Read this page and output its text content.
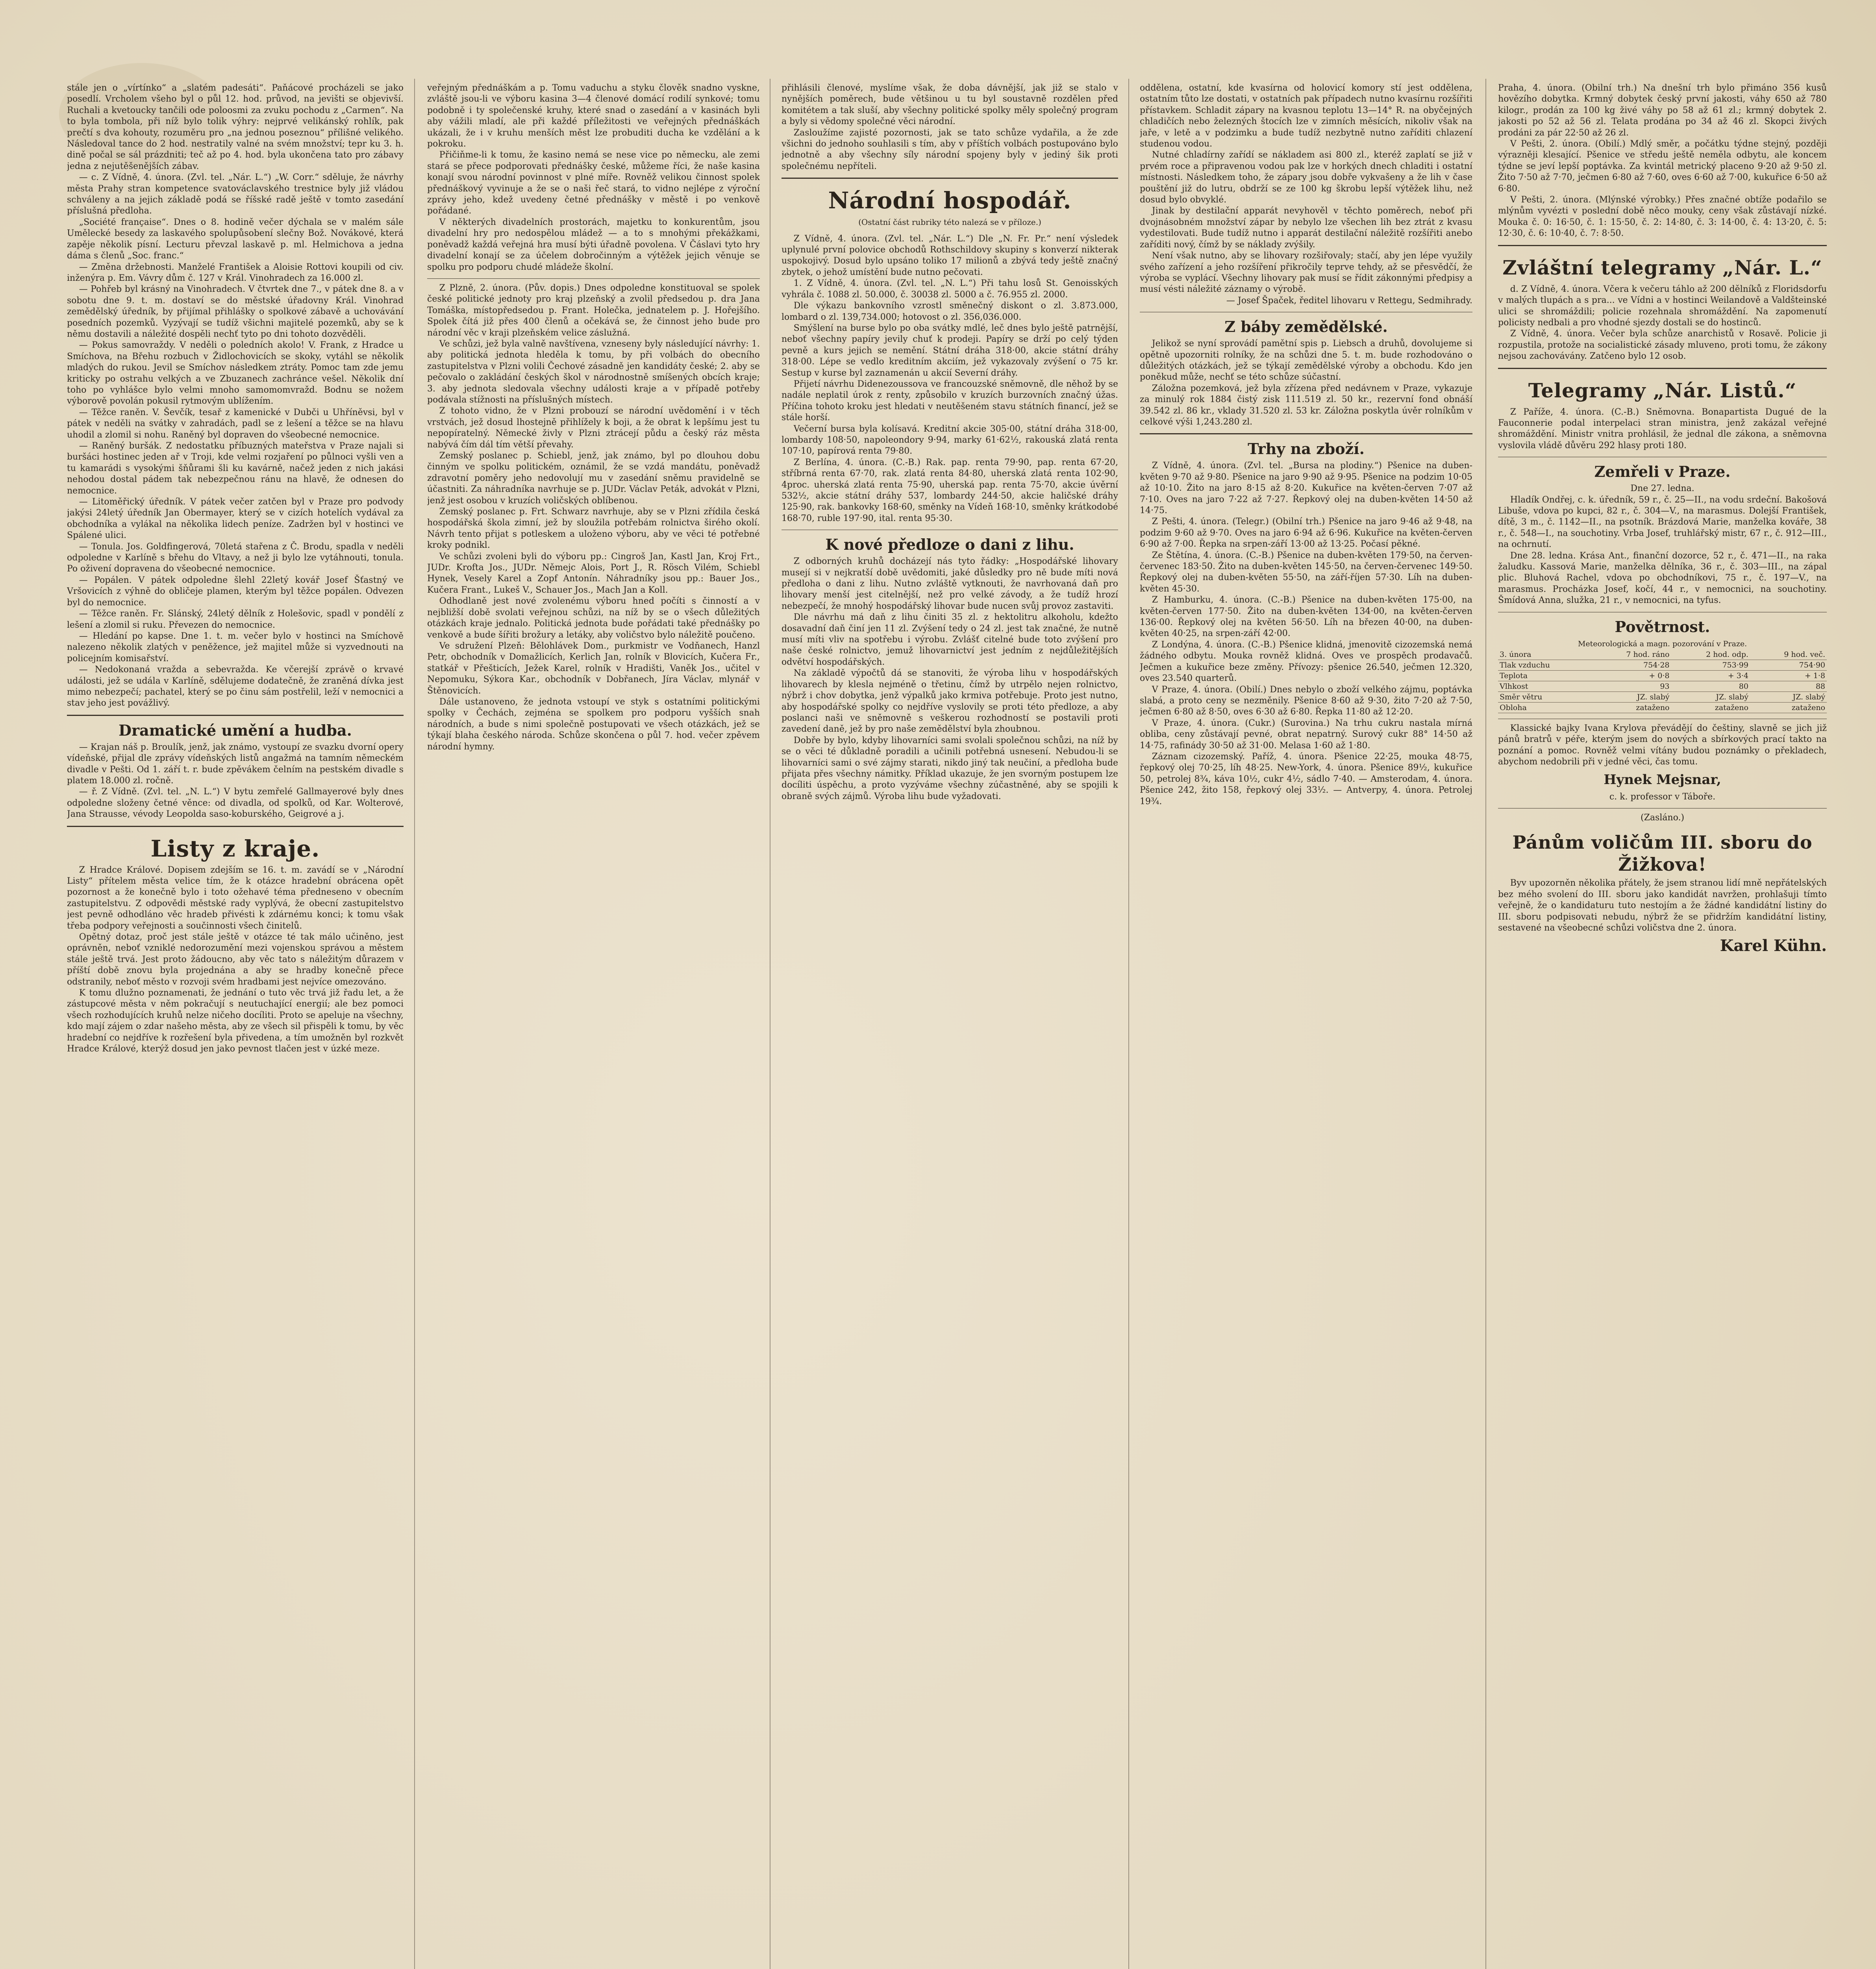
stále jen o „vírtínko“ a „slatém padesáti“. Paňácové procházeli se jako posedlí. Vrcholem všeho byl o půl 12. hod. průvod, na jevišti se objevivší. Ruchali a kvetoucky tančili ode poloosmi za zvuku pochodu z „Carmen“. Na to byla tombola, při níž bylo tolik výhry: nejprvé velikánský rohlík, pak prečtí s dva kohouty, rozuměru pro „na jednou poseznou“ přílišné velikého. Následoval tance do 2 hod. nestratily valné na svém množství; tepr ku 3. h. dině počal se sál prázdniti; teč až po 4. hod. byla ukončena tato pro zábavy jedna z nejutěšenějších zábav.

— c. Z Vídně, 4. února. (Zvl. tel. „Nár. L.“) „W. Corr.“ sděluje, že návrhy města Prahy stran kompetence svatováclavského trestnice byly již vládou schváleny a na jejich základě podá se říšské radě ještě v tomto zasedání příslušná předloha.

„Société française“. Dnes o 8. hodině večer dýchala se v malém sále Umělecké besedy za laskavého spolupůsobení slečny Bož. Novákové, která zapěje několik písní. Lecturu převzal laskavě p. ml. Helmichova a jedna dáma s členů „Soc. franc.“

— Změna držebnosti. Manželé František a Aloisie Rottovi koupili od civ. inženýra p. Em. Vávry dům č. 127 v Král. Vinohradech za 16.000 zl.

— Pohřeb byl krásný na Vinohradech. V čtvrtek dne 7., v pátek dne 8. a v sobotu dne 9. t. m. dostaví se do městské úřadovny Král. Vinohrad zemědělský úředník, by přijímal přihlášky o spolkové zábavě a uchovávání posedních pozemků. Vyzývají se tudíž všichni majitelé pozemků, aby se k němu dostavili a náležité dospěli nechť tyto po dni tohoto dozvěděli.

— Pokus samovraždy. V neděli o poledních akolo! V. Frank, z Hradce u Smíchova, na Břehu rozbuch v Židlochovicích se skoky, vytáhl se několik mladých do rukou. Jevil se Smíchov následkem ztráty. Pomoc tam zde jemu kriticky po ostrahu velkých a ve Zbuzanech zachránce vešel. Několik dní toho po vyhlášce bylo velmi mnoho samomomvražd. Bodnu se nožem výborově povolán pokusil rytmovým ublížením.

— Těžce raněn. V. Ševčík, tesař z kamenické v Dubči u Uhříněvsi, byl v pátek v neděli na svátky v zahradách, padl se z lešení a těžce se na hlavu uhodil a zlomil si nohu. Raněný byl dopraven do všeobecné nemocnice.

— Raněný buršák. Z nedostatku příbuzných mateřstva v Praze najali si buršáci hostinec jeden ař v Troji, kde velmi rozjaření po půlnoci vyšli ven a tu kamarádi s vysokými šňůrami šli ku kavárně, načež jeden z nich jakási nehodou dostal pádem tak nebezpečnou ránu na hlavě, že odnesen do nemocnice.

— Litoměřický úředník. V pátek večer zatčen byl v Praze pro podvody jakýsi 24letý úředník Jan Obermayer, který se v cizích hotelích vydával za obchodníka a vylákal na několika lidech peníze. Zadržen byl v hostinci ve Spálené ulici.

— Tonula. Jos. Goldfingerová, 70letá stařena z Č. Brodu, spadla v neděli odpoledne v Karlíně s břehu do Vltavy, a než ji bylo lze vytáhnouti, tonula. Po oživení dopravena do všeobecné nemocnice.

— Popálen. V pátek odpoledne šlehl 22letý kovář Josef Šťastný ve Vršovicích z výhně do obličeje plamen, kterým byl těžce popálen. Odvezen byl do nemocnice.

— Těžce raněn. Fr. Slánský, 24letý dělník z Holešovic, spadl v pondělí z lešení a zlomil si ruku. Převezen do nemocnice.

— Hledání po kapse. Dne 1. t. m. večer bylo v hostinci na Smíchově nalezeno několik zlatých v peněžence, jež majitel může si vyzvednouti na policejním komisařství.

— Nedokonaná vražda a sebevražda. Ke včerejší zprávě o krvavé události, jež se udála v Karlíně, sdělujeme dodatečně, že zraněná dívka jest mimo nebezpečí; pachatel, který se po činu sám postřelil, leží v nemocnici a stav jeho jest povážlivý.

Dramatické umění a hudba.

— Krajan náš p. Broulík, jenž, jak známo, vystoupí ze svazku dvorní opery vídeňské, přijal dle zprávy vídeňských listů angažmá na tamním německém divadle v Pešti. Od 1. září t. r. bude zpěvákem čelním na pestském divadle s platem 18.000 zl. ročně.

— ř. Z Vídně. (Zvl. tel. „N. L.“) V bytu zemřelé Gallmayerové byly dnes odpoledne složeny četné věnce: od divadla, od spolků, od Kar. Wolterové, Jana Strausse, vévody Leopolda saso-koburského, Geigrové a j.

Listy z kraje.

Z Hradce Králové. Dopisem zdejším se 16. t. m. zavádí se v „Národní Listy“ přítelem města velice tím, že k otázce hradební obrácena opět pozornost a že konečně bylo i toto ožehavé téma předneseno v obecním zastupitelstvu. Z odpovědi městské rady vyplývá, že obecní zastupitelstvo jest pevně odhodláno věc hradeb přivésti k zdárnému konci; k tomu však třeba podpory veřejnosti a součinnosti všech činitelů.

Opětný dotaz, proč jest stále ještě v otázce té tak málo učiněno, jest oprávněn, neboť vzniklé nedorozumění mezi vojenskou správou a městem stále ještě trvá. Jest proto žádoucno, aby věc tato s náležitým důrazem v příští době znovu byla projednána a aby se hradby konečně přece odstranily, neboť město v rozvoji svém hradbami jest nejvíce omezováno.

K tomu dlužno poznamenati, že jednání o tuto věc trvá již řadu let, a že zástupcové města v něm pokračují s neutuchající energií; ale bez pomoci všech rozhodujících kruhů nelze ničeho docíliti. Proto se apeluje na všechny, kdo mají zájem o zdar našeho města, aby ze všech sil přispěli k tomu, by věc hradební co nejdříve k rozřešení byla přivedena, a tím umožněn byl rozkvět Hradce Králové, kterýž dosud jen jako pevnost tlačen jest v úzké meze.

veřejným přednáškám a p. Tomu vaduchu a styku člověk snadno vyskne, zvláště jsou-li ve výboru kasina 3—4 členové domácí rodilí synkové; tomu podobně i ty společenské kruhy, které snad o zasedání a v kasinách byli aby vážili mladí, ale při každé příležitosti ve veřejných přednáškách ukázali, že i v kruhu menších měst lze probuditi ducha ke vzdělání a k pokroku.

Přičiňme-li k tomu, že kasino nemá se nese vice po německu, ale zemi stará se přece podporovati přednášky české, můžeme říci, že naše kasina konají svou národní povinnost v plné míře. Rovněž velikou činnost spolek přednáškový vyvinuje a že se o naši řeč stará, to vidno nejlépe z výroční zprávy jeho, kdež uvedeny četné přednášky v městě i po venkově pořádané.

V některých divadelních prostorách, majetku to konkurentům, jsou divadelní hry pro nedospělou mládež — a to s mnohými překážkami, poněvadž každá veřejná hra musí býti úřadně povolena. V Čáslavi tyto hry divadelní konají se za účelem dobročinným a výtěžek jejich věnuje se spolku pro podporu chudé mládeže školní.

Z Plzně, 2. února. (Pův. dopis.) Dnes odpoledne konstituoval se spolek české politické jednoty pro kraj plzeňský a zvolil předsedou p. dra Jana Tomáška, místopředsedou p. Frant. Holečka, jednatelem p. J. Hořejšího. Spolek čítá již přes 400 členů a očekává se, že činnost jeho bude pro národní věc v kraji plzeňském velice záslužná.

Ve schůzi, jež byla valně navštívena, vzneseny byly následující návrhy: 1. aby politická jednota hleděla k tomu, by při volbách do obecního zastupitelstva v Plzni volili Čechové zásadně jen kandidáty české; 2. aby se pečovalo o zakládání českých škol v národnostně smíšených obcích kraje; 3. aby jednota sledovala všechny události kraje a v případě potřeby podávala stížnosti na příslušných místech.

Z tohoto vidno, že v Plzni probouzí se národní uvědomění i v těch vrstvách, jež dosud lhostejně přihlížely k boji, a že obrat k lepšímu jest tu nepopíratelný. Německé živly v Plzni ztrácejí půdu a český ráz města nabývá čím dál tím větší převahy.

Zemský poslanec p. Schiebl, jenž, jak známo, byl po dlouhou dobu činným ve spolku politickém, oznámil, že se vzdá mandátu, poněvadž zdravotní poměry jeho nedovolují mu v zasedání sněmu pravidelně se účastniti. Za náhradníka navrhuje se p. JUDr. Václav Peták, advokát v Plzni, jenž jest osobou v kruzích voličských oblíbenou.

Zemský poslanec p. Frt. Schwarz navrhuje, aby se v Plzni zřídila česká hospodářská škola zimní, jež by sloužila potřebám rolnictva širého okolí. Návrh tento přijat s potleskem a uloženo výboru, aby ve věci té potřebné kroky podnikl.

Ve schůzi zvoleni byli do výboru pp.: Cingroš Jan, Kastl Jan, Kroj Frt., JUDr. Krofta Jos., JUDr. Němejc Alois, Port J., R. Rösch Vilém, Schiebl Hynek, Vesely Karel a Zopf Antonín. Náhradníky jsou pp.: Bauer Jos., Kučera Frant., Lukeš V., Schauer Jos., Mach Jan a Koll.

Odhodlaně jest nové zvolenému výboru hned počíti s činností a v nejbližší době svolati veřejnou schůzi, na níž by se o všech důležitých otázkách kraje jednalo. Politická jednota bude pořádati také přednášky po venkově a bude šířiti brožury a letáky, aby voličstvo bylo náležitě poučeno.

Ve sdružení Plzeň: Bělohlávek Dom., purkmistr ve Vodňanech, Hanzl Petr, obchodník v Domažlicích, Kerlich Jan, rolník v Blovicích, Kučera Fr., statkář v Přešticích, Ježek Karel, rolník v Hradišti, Vaněk Jos., učitel v Nepomuku, Sýkora Kar., obchodník v Dobřanech, Jíra Václav, mlynář v Štěnovicích.

Dále ustanoveno, že jednota vstoupí ve styk s ostatními politickými spolky v Čechách, zejména se spolkem pro podporu vyšších snah národních, a bude s nimi společně postupovati ve všech otázkách, jež se týkají blaha českého národa. Schůze skončena o půl 7. hod. večer zpěvem národní hymny.

přihlásili členové, myslíme však, že doba dávnější, jak již se stalo v nynějších poměrech, bude většinou u tu byl soustavně rozdělen před komitétem a tak sluší, aby všechny politické spolky měly společný program a byly si vědomy společné věci národní.

Zasloužíme zajisté pozornosti, jak se tato schůze vydařila, a že zde všichni do jednoho souhlasili s tím, aby v příštích volbách postupováno bylo jednotně a aby všechny síly národní spojeny byly v jediný šik proti společnému nepříteli.

Národní hospodář.
(Ostatní část rubriky této nalezá se v příloze.)

Z Vídně, 4. února. (Zvl. tel. „Nár. L.“) Dle „N. Fr. Pr.“ není výsledek uplynulé první polovice obchodů Rothschildovy skupiny s konverzí nikterak uspokojivý. Dosud bylo upsáno toliko 17 milionů a zbývá tedy ještě značný zbytek, o jehož umístění bude nutno pečovati.

1. Z Vídně, 4. února. (Zvl. tel. „N. L.“) Při tahu losů St. Genoisských vyhrála č. 1088 zl. 50.000, č. 30038 zl. 5000 a č. 76.955 zl. 2000.

Dle výkazu bankovního vzrostl směnečný diskont o zl. 3.873.000, lombard o zl. 139,734.000; hotovost o zl. 356,036.000.

Smýšlení na burse bylo po oba svátky mdlé, leč dnes bylo ještě patrnější, neboť všechny papíry jevily chuť k prodeji. Papíry se drží po celý týden pevně a kurs jejich se nemění. Státní dráha 318·00, akcie státní dráhy 318·00. Lépe se vedlo kreditním akciím, jež vykazovaly zvýšení o 75 kr. Sestup v kurse byl zaznamenán u akcií Severní dráhy.

Přijetí návrhu Didenezoussova ve francouzské sněmovně, dle něhož by se nadále neplatil úrok z renty, způsobilo v kruzích burzovních značný úžas. Příčina tohoto kroku jest hledati v neutěšeném stavu státních financí, jež se stále horší.

Večerní bursa byla kolísavá. Kreditní akcie 305·00, státní dráha 318·00, lombardy 108·50, napoleondory 9·94, marky 61·62½, rakouská zlatá renta 107·10, papírová renta 79·80.

Z Berlína, 4. února. (C.-B.) Rak. pap. renta 79·90, pap. renta 67·20, stříbrná renta 67·70, rak. zlatá renta 84·80, uherská zlatá renta 102·90, 4proc. uherská zlatá renta 75·90, uherská pap. renta 75·70, akcie úvěrní 532½, akcie státní dráhy 537, lombardy 244·50, akcie haličské dráhy 125·90, rak. bankovky 168·60, směnky na Vídeň 168·10, směnky krátkodobé 168·70, ruble 197·90, ital. renta 95·30.

K nové předloze o dani z lihu.

Z odborných kruhů docházejí nás tyto řádky: „Hospodářské lihovary musejí si v nejkratší době uvědomiti, jaké důsledky pro ně bude míti nová předloha o dani z lihu. Nutno zvláště vytknouti, že navrhovaná daň pro lihovary menší jest citelnější, než pro velké závody, a že tudíž hrozí nebezpečí, že mnohý hospodářský lihovar bude nucen svůj provoz zastaviti.

Dle návrhu má daň z lihu činiti 35 zl. z hektolitru alkoholu, kdežto dosavadní daň činí jen 11 zl. Zvýšení tedy o 24 zl. jest tak značné, že nutně musí míti vliv na spotřebu i výrobu. Zvlášť citelné bude toto zvýšení pro naše české rolnictvo, jemuž lihovarnictví jest jedním z nejdůležitějších odvětví hospodářských.

Na základě výpočtů dá se stanoviti, že výroba lihu v hospodářských lihovarech by klesla nejméně o třetinu, čímž by utrpělo nejen rolnictvo, nýbrž i chov dobytka, jenž výpalků jako krmiva potřebuje. Proto jest nutno, aby hospodářské spolky co nejdříve vyslovily se proti této předloze, a aby poslanci naši ve sněmovně s veškerou rozhodností se postavili proti zavedení daně, jež by pro naše zemědělství byla zhoubnou.

Dobře by bylo, kdyby lihovarníci sami svolali společnou schůzi, na níž by se o věci té důkladně poradili a učinili potřebná usnesení. Nebudou-li se lihovarníci sami o své zájmy starati, nikdo jiný tak neučiní, a předloha bude přijata přes všechny námitky. Příklad ukazuje, že jen svorným postupem lze docíliti úspěchu, a proto vyzýváme všechny zúčastněné, aby se spojili k obraně svých zájmů. Výroba lihu bude vyžadovati.

oddělena, ostatní, kde kvasírna od holovicí komory stí jest oddělena, ostatním tůto lze dostati, v ostatních pak případech nutno kvasírnu rozšířiti přístavkem. Schladit zápary na kvasnou teplotu 13—14° R. na obyčejných chladičích nebo železných štocích lze v zimních měsících, nikoliv však na jaře, v letě a v podzimku a bude tudíž nezbytně nutno zaříditi chlazení studenou vodou.

Nutné chladírny zařídí se nákladem asi 800 zl., kteréž zaplatí se již v prvém roce a připravenou vodou pak lze v horkých dnech chladiti i ostatní místnosti. Následkem toho, že zápary jsou dobře vykvašeny a že lih v čase pouštění již do lutru, obdrží se ze 100 kg škrobu lepší výtěžek lihu, než dosud bylo obvyklé.

Jinak by destilační apparát nevyhověl v těchto poměrech, neboť při dvojnásobném množství zápar by nebylo lze všechen lih bez ztrát z kvasu vydestilovati. Bude tudíž nutno i apparát destilační náležitě rozšířiti anebo zaříditi nový, čímž by se náklady zvýšily.

Není však nutno, aby se lihovary rozšiřovaly; stačí, aby jen lépe využily svého zařízení a jeho rozšíření přikročily teprve tehdy, až se přesvědčí, že výroba se vyplácí. Všechny lihovary pak musí se řídit zákonnými předpisy a musí vésti náležité záznamy o výrobě.

— Josef Špaček, ředitel lihovaru v Rettegu, Sedmihrady.

Z báby zemědělské.

Jelikož se nyní sprovádí pamětní spis p. Liebsch a druhů, dovolujeme si opětně upozorniti rolníky, že na schůzi dne 5. t. m. bude rozhodováno o důležitých otázkách, jež se týkají zemědělské výroby a obchodu. Kdo jen poněkud může, nechť se této schůze súčastní.

Záložna pozemková, jež byla zřízena před nedávnem v Praze, vykazuje za minulý rok 1884 čistý zisk 111.519 zl. 50 kr., rezervní fond obnáší 39.542 zl. 86 kr., vklady 31.520 zl. 53 kr. Záložna poskytla úvěr rolníkům v celkové výši 1,243.280 zl.

Trhy na zboží.

Z Vídně, 4. února. (Zvl. tel. „Bursa na plodiny.“) Pšenice na duben-květen 9·70 až 9·80. Pšenice na jaro 9·90 až 9·95. Pšenice na podzim 10·05 až 10·10. Žito na jaro 8·15 až 8·20. Kukuřice na květen-červen 7·07 až 7·10. Oves na jaro 7·22 až 7·27. Řepkový olej na duben-květen 14·50 až 14·75.

Z Pešti, 4. února. (Telegr.) (Obilní trh.) Pšenice na jaro 9·46 až 9·48, na podzim 9·60 až 9·70. Oves na jaro 6·94 až 6·96. Kukuřice na květen-červen 6·90 až 7·00. Řepka na srpen-září 13·00 až 13·25. Počasí pěkné.

Ze Štětína, 4. února. (C.-B.) Pšenice na duben-květen 179·50, na červen-červenec 183·50. Žito na duben-květen 145·50, na červen-červenec 149·50. Řepkový olej na duben-květen 55·50, na září-říjen 57·30. Líh na duben-květen 45·30.

Z Hamburku, 4. února. (C.-B.) Pšenice na duben-květen 175·00, na květen-červen 177·50. Žito na duben-květen 134·00, na květen-červen 136·00. Řepkový olej na květen 56·50. Líh na březen 40·00, na duben-květen 40·25, na srpen-září 42·00.

Z Londýna, 4. února. (C.-B.) Pšenice klidná, jmenovitě cizozemská nemá žádného odbytu. Mouka rovněž klidná. Oves ve prospěch prodavačů. Ječmen a kukuřice beze změny. Přívozy: pšenice 26.540, ječmen 12.320, oves 23.540 quarterů.

V Praze, 4. února. (Obilí.) Dnes nebylo o zboží velkého zájmu, poptávka slabá, a proto ceny se nezměnily. Pšenice 8·60 až 9·30, žito 7·20 až 7·50, ječmen 6·80 až 8·50, oves 6·30 až 6·80. Řepka 11·80 až 12·20.

V Praze, 4. února. (Cukr.) (Surovina.) Na trhu cukru nastala mírná obliba, ceny zůstávají pevné, obrat nepatrný. Surový cukr 88° 14·50 až 14·75, rafinády 30·50 až 31·00. Melasa 1·60 až 1·80.

Záznam cizozemský. Paříž, 4. února. Pšenice 22·25, mouka 48·75, řepkový olej 70·25, líh 48·25. New-York, 4. února. Pšenice 89½, kukuřice 50, petrolej 8¾, káva 10½, cukr 4½, sádlo 7·40. — Amsterodam, 4. února. Pšenice 242, žito 158, řepkový olej 33½. — Antverpy, 4. února. Petrolej 19¾.

Praha, 4. února. (Obilní trh.) Na dnešní trh bylo přimáno 356 kusů hovězího dobytka. Krmný dobytek český první jakosti, váhy 650 až 780 kilogr., prodán za 100 kg živé váhy po 58 až 61 zl.; krmný dobytek 2. jakosti po 52 až 56 zl. Telata prodána po 34 až 46 zl. Skopci živých prodáni za pár 22·50 až 26 zl.

V Pešti, 2. února. (Obilí.) Mdlý směr, a počátku týdne stejný, později výrazněji klesající. Pšenice ve středu ještě neměla odbytu, ale koncem týdne se jeví lepší poptávka. Za kvintál metrický placeno 9·20 až 9·50 zl. Žito 7·50 až 7·70, ječmen 6·80 až 7·60, oves 6·60 až 7·00, kukuřice 6·50 až 6·80.

V Pešti, 2. února. (Mlýnské výrobky.) Přes značné obtíže podařilo se mlýnům vyvézti v poslední době něco mouky, ceny však zůstávají nízké. Mouka č. 0: 16·50, č. 1: 15·50, č. 2: 14·80, č. 3: 14·00, č. 4: 13·20, č. 5: 12·30, č. 6: 10·40, č. 7: 8·50.

Zvláštní telegramy „Nár. L.“

d. Z Vídně, 4. února. Včera k večeru táhlo až 200 dělníků z Floridsdorfu v malých tlupách a s pra... ve Vídni a v hostinci Weilandově a Valdšteinské ulici se shromáždili; policie rozehnala shromáždění. Na zapomenutí policisty nedbali a pro vhodné sjezdy dostali se do hostinců.

Z Vídně, 4. února. Večer byla schůze anarchistů v Rosavě. Policie ji rozpustila, protože na socialistické zásady mluveno, proti tomu, že zákony nejsou zachovávány. Zatčeno bylo 12 osob.

Telegramy „Nár. Listů.“

Z Paříže, 4. února. (C.-B.) Sněmovna. Bonapartista Dugué de la Fauconnerie podal interpelaci stran ministra, jenž zakázal veřejné shromáždění. Ministr vnitra prohlásil, že jednal dle zákona, a sněmovna vyslovila vládě důvěru 292 hlasy proti 180.

Zemřeli v Praze.
Dne 27. ledna.

Hladík Ondřej, c. k. úředník, 59 r., č. 25—II., na vodu srdeční. Bakošová Libuše, vdova po kupci, 82 r., č. 304—V., na marasmus. Dolejší František, dítě, 3 m., č. 1142—II., na psotník. Brázdová Marie, manželka kováře, 38 r., č. 548—I., na souchotiny. Vrba Josef, truhlářský mistr, 67 r., č. 912—III., na ochrnutí.

Dne 28. ledna. Krása Ant., finanční dozorce, 52 r., č. 471—II., na raka žaludku. Kassová Marie, manželka dělníka, 36 r., č. 303—III., na zápal plic. Bluhová Rachel, vdova po obchodníkovi, 75 r., č. 197—V., na marasmus. Procházka Josef, kočí, 44 r., v nemocnici, na souchotiny. Šmídová Anna, služka, 21 r., v nemocnici, na tyfus.

Povětrnost.
Meteorologická a magn. pozorování v Praze.
3. února	7 hod. ráno	2 hod. odp.	9 hod. več.
Tlak vzduchu	754·28	753·99	754·90
Teplota	+ 0·8	+ 3·4	+ 1·8
Vlhkost	93	80	88
Směr větru	JZ. slabý	JZ. slabý	JZ. slabý
Obloha	zataženo	zataženo	zataženo

Klassické bajky Ivana Krylova převádějí do češtiny, slavně se jich již pánů bratrů v péře, kterým jsem do nových a sbírkových prací takto na poznání a pomoc. Rovněž velmi vítány budou poznámky o překladech, abychom nedobrili při v jedné věci, čas tomu.

Hynek Mejsnar,
c. k. professor v Táboře.
(Zasláno.)
Pánům voličům III. sboru do Žižkova!

Byv upozorněn několika přátely, že jsem stranou lidí mně nepřátelských bez mého svolení do III. sboru jako kandidát navržen, prohlašuji tímto veřejně, že o kandidaturu tuto nestojím a že žádné kandidátní listiny do III. sboru podpisovati nebudu, nýbrž že se přidržím kandidátní listiny, sestavené na všeobecné schůzi voličstva dne 2. února.

Karel Kühn.
